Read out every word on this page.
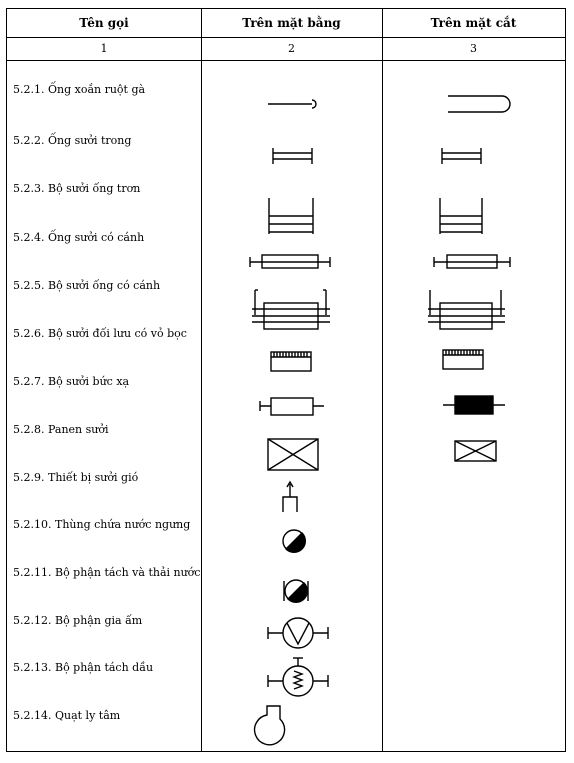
Tên gọi	Trên mặt bằng	Trên mặt cắt
1	2	3
5.2.1. Ống xoắn ruột gà
5.2.2. Ống sưởi trong
5.2.3. Bộ sưởi ống trơn
5.2.4. Ống sưởi có cánh
5.2.5. Bộ sưởi ống có cánh
5.2.6. Bộ sưởi đối lưu có vỏ bọc
5.2.7. Bộ sưởi bức xạ
5.2.8. Panen sưởi
5.2.9. Thiết bị sưởi gió
5.2.10. Thùng chứa nước ngưng
5.2.11. Bộ phận tách và thải nước
5.2.12. Bộ phận gia ấm
5.2.13. Bộ phận tách dầu
5.2.14. Quạt ly tâm
